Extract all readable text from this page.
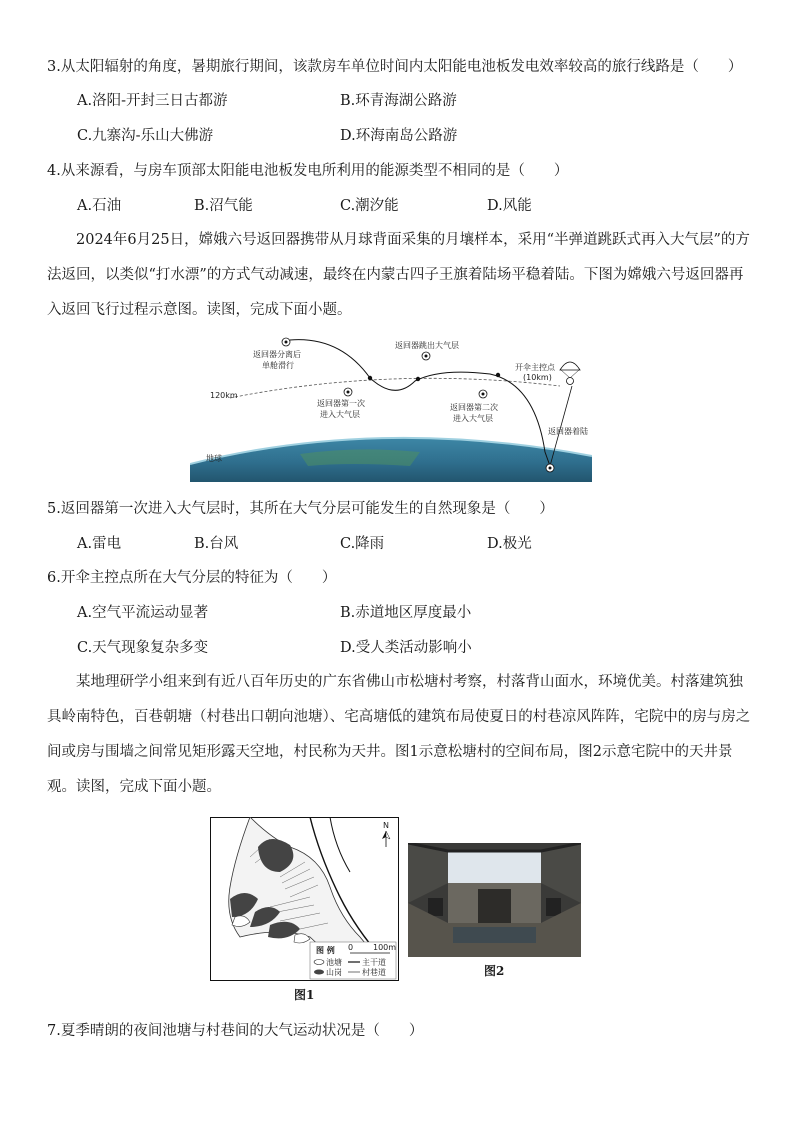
3.从太阳辐射的角度，暑期旅行期间，该款房车单位时间内太阳能电池板发电效率较高的旅行线路是（　　）
A.洛阳-开封三日古都游	B.环青海湖公路游
C.九寨沟-乐山大佛游	D.环海南岛公路游
4.从来源看，与房车顶部太阳能电池板发电所利用的能源类型不相同的是（　　）
A.石油	B.沼气能	C.潮汐能	D.风能
2024年6月25日，嫦娥六号返回器携带从月球背面采集的月壤样本，采用“半弹道跳跃式再入大气层”的方法返回，以类似“打水漂”的方式气动减速，最终在内蒙古四子王旗着陆场平稳着陆。下图为嫦娥六号返回器再入返回飞行过程示意图。读图，完成下面小题。
返回器分离后
单舱滑行
返回器跳出大气层
开伞主控点
(10km)
返回器第一次
进入大气层
返回器第二次
进入大气层
返回器着陆
120km
地球
5.返回器第一次进入大气层时，其所在大气分层可能发生的自然现象是（　　）
A.雷电	B.台风	C.降雨	D.极光
6.开伞主控点所在大气分层的特征为（　　）
A.空气平流运动显著	B.赤道地区厚度最小
C.天气现象复杂多变	D.受人类活动影响小
某地理研学小组来到有近八百年历史的广东省佛山市松塘村考察，村落背山面水，环境优美。村落建筑独具岭南特色，百巷朝塘（村巷出口朝向池塘）、宅高塘低的建筑布局使夏日的村巷凉风阵阵，宅院中的房与房之间或房与围墙之间常见矩形露天空地，村民称为天井。图1示意松塘村的空间布局，图2示意宅院中的天井景观。读图，完成下面小题。
N
图 例 0 100m
池塘	主干道
山岗	村巷道
图1
图2
7.夏季晴朗的夜间池塘与村巷间的大气运动状况是（　　）
